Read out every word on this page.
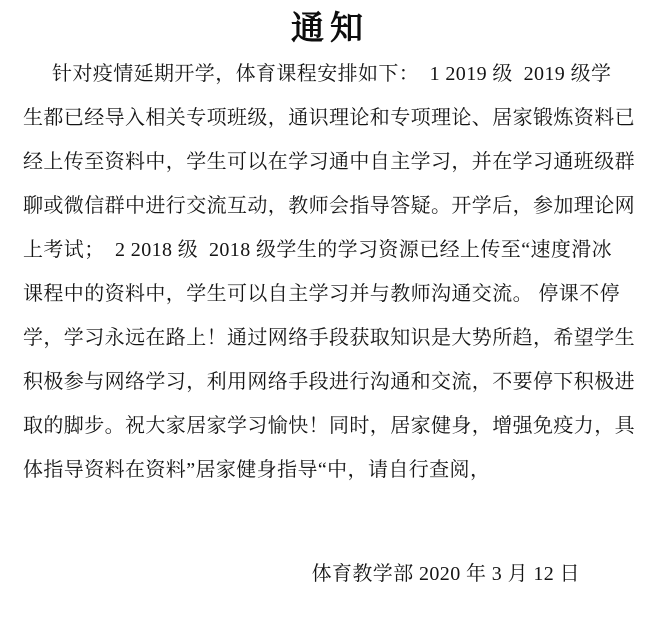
通知
针对疫情延期开学，体育课程安排如下：　1 2019 级  2019 级学
生都已经导入相关专项班级，通识理论和专项理论、居家锻炼资料已
经上传至资料中，学生可以在学习通中自主学习，并在学习通班级群
聊或微信群中进行交流互动，教师会指导答疑。开学后，参加理论网
上考试；　2 2018 级  2018 级学生的学习资源已经上传至“速度滑冰
课程中的资料中，学生可以自主学习并与教师沟通交流。 停课不停
学，学习永远在路上！通过网络手段获取知识是大势所趋，希望学生
积极参与网络学习，利用网络手段进行沟通和交流，不要停下积极进
取的脚步。祝大家居家学习愉快！同时，居家健身，增强免疫力，具
体指导资料在资料”居家健身指导“中，请自行查阅，
体育教学部 2020 年 3 月 12 日
